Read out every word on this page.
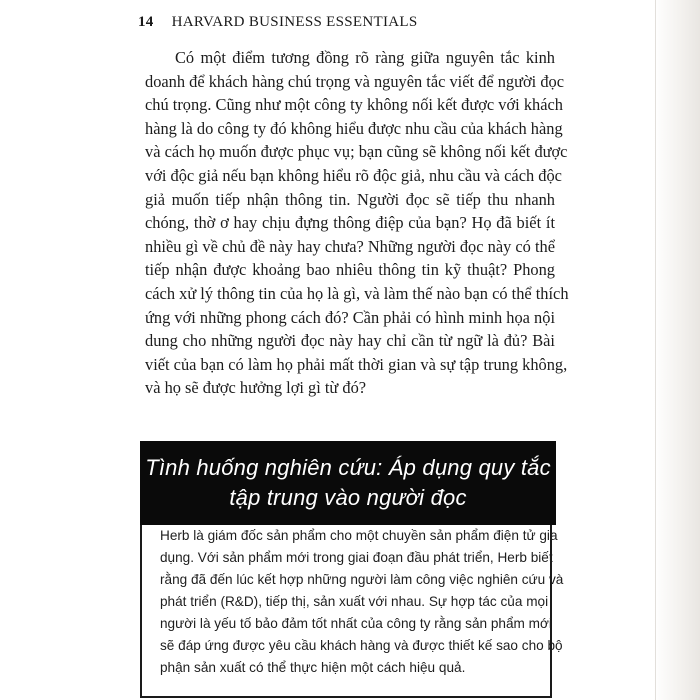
14 HARVARD BUSINESS ESSENTIALS
Có một điểm tương đồng rõ ràng giữa nguyên tắc kinh
doanh để khách hàng chú trọng và nguyên tắc viết để người đọc
chú trọng. Cũng như một công ty không nối kết được với khách
hàng là do công ty đó không hiểu được nhu cầu của khách hàng
và cách họ muốn được phục vụ; bạn cũng sẽ không nối kết được
với độc giả nếu bạn không hiểu rõ độc giả, nhu cầu và cách độc
giả muốn tiếp nhận thông tin. Người đọc sẽ tiếp thu nhanh
chóng, thờ ơ hay chịu đựng thông điệp của bạn? Họ đã biết ít
nhiều gì về chủ đề này hay chưa? Những người đọc này có thể
tiếp nhận được khoảng bao nhiêu thông tin kỹ thuật? Phong
cách xử lý thông tin của họ là gì, và làm thế nào bạn có thể thích
ứng với những phong cách đó? Cần phải có hình minh họa nội
dung cho những người đọc này hay chỉ cần từ ngữ là đủ? Bài
viết của bạn có làm họ phải mất thời gian và sự tập trung không,
và họ sẽ được hưởng lợi gì từ đó?
Tình huống nghiên cứu: Áp dụng quy tắc
tập trung vào người đọc
Herb là giám đốc sản phẩm cho một chuyền sản phẩm điện tử gia
dụng. Với sản phẩm mới trong giai đoạn đầu phát triển, Herb biết
rằng đã đến lúc kết hợp những người làm công việc nghiên cứu và
phát triển (R&D), tiếp thị, sản xuất với nhau. Sự hợp tác của mọi
người là yếu tố bảo đảm tốt nhất của công ty rằng sản phẩm mới
sẽ đáp ứng được yêu cầu khách hàng và được thiết kế sao cho bộ
phận sản xuất có thể thực hiện một cách hiệu quả.
